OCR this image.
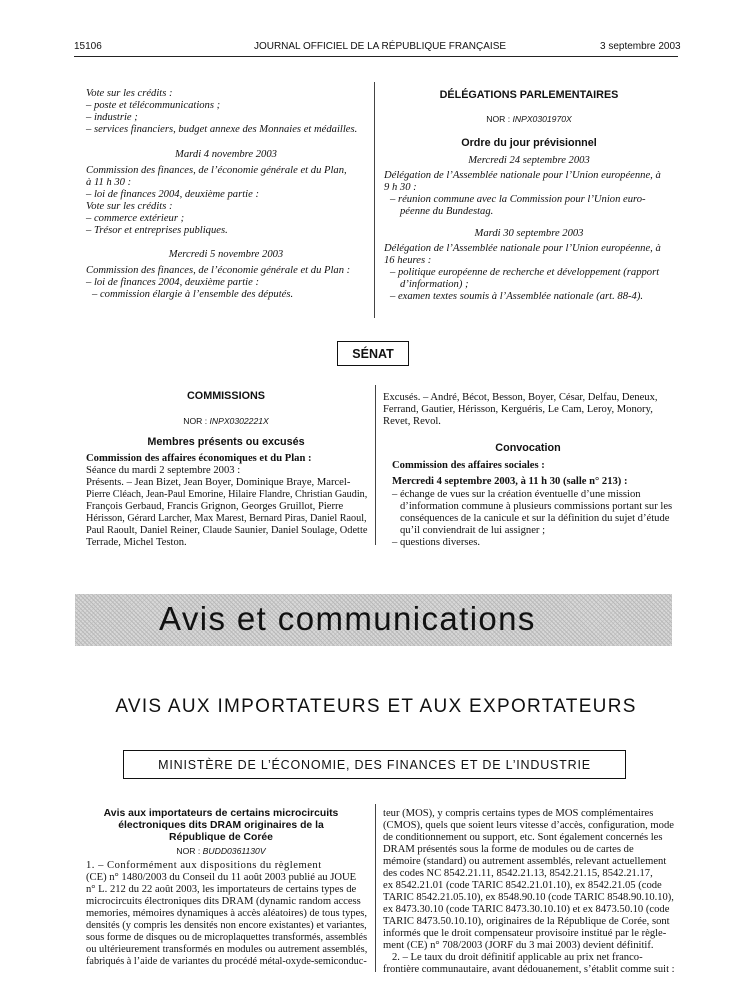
15106	JOURNAL OFFICIEL DE LA RÉPUBLIQUE FRANÇAISE	3 septembre 2003
Vote sur les crédits :
– poste et télécommunications ;
– industrie ;
– services financiers, budget annexe des Monnaies et médailles.
Mardi 4 novembre 2003
Commission des finances, de l’économie générale et du Plan,
à 11 h 30 :
– loi de finances 2004, deuxième partie :
Vote sur les crédits :
– commerce extérieur ;
– Trésor et entreprises publiques.
Mercredi 5 novembre 2003
Commission des finances, de l’économie générale et du Plan :
– loi de finances 2004, deuxième partie :
– commission élargie à l’ensemble des députés.
DÉLÉGATIONS PARLEMENTAIRES
NOR : INPX0301970X
Ordre du jour prévisionnel
Mercredi 24 septembre 2003
Délégation de l’Assemblée nationale pour l’Union européenne, à
9 h 30 :
– réunion commune avec la Commission pour l’Union euro-
péenne du Bundestag.
Mardi 30 septembre 2003
Délégation de l’Assemblée nationale pour l’Union européenne, à
16 heures :
– politique européenne de recherche et développement (rapport
d’information) ;
– examen textes soumis à l’Assemblée nationale (art. 88-4).
SÉNAT
COMMISSIONS
NOR : INPX0302221X
Membres présents ou excusés
Commission des affaires économiques et du Plan :
Séance du mardi 2 septembre 2003 :
Présents. – Jean Bizet, Jean Boyer, Dominique Braye, Marcel-
Pierre Cléach, Jean-Paul Emorine, Hilaire Flandre, Christian Gaudin,
François Gerbaud, Francis Grignon, Georges Gruillot, Pierre
Hérisson, Gérard Larcher, Max Marest, Bernard Piras, Daniel Raoul,
Paul Raoult, Daniel Reiner, Claude Saunier, Daniel Soulage, Odette
Terrade, Michel Teston.
Excusés. – André, Bécot, Besson, Boyer, César, Delfau, Deneux,
Ferrand, Gautier, Hérisson, Kerguéris, Le Cam, Leroy, Monory,
Revet, Revol.
Convocation
Commission des affaires sociales :
Mercredi 4 septembre 2003, à 11 h 30 (salle n° 213) :
– échange de vues sur la création éventuelle d’une mission
d’information commune à plusieurs commissions portant sur les
conséquences de la canicule et sur la définition du sujet d’étude
qu’il conviendrait de lui assigner ;
– questions diverses.
Avis et communications
AVIS AUX IMPORTATEURS ET AUX EXPORTATEURS
MINISTÈRE DE L’ÉCONOMIE, DES FINANCES ET DE L’INDUSTRIE
Avis aux importateurs de certains microcircuits
électroniques dits DRAM originaires de la
République de Corée
NOR : BUDD0361130V
1. – Conformément aux dispositions du règlement
(CE) n° 1480/2003 du Conseil du 11 août 2003 publié au JOUE
n° L. 212 du 22 août 2003, les importateurs de certains types de
microcircuits électroniques dits DRAM (dynamic random access
memories, mémoires dynamiques à accès aléatoires) de tous types,
densités (y compris les densités non encore existantes) et variantes,
sous forme de disques ou de microplaquettes transformés, assemblés
ou ultérieurement transformés en modules ou autrement assemblés,
fabriqués à l’aide de variantes du procédé métal-oxyde-semiconduc-
teur (MOS), y compris certains types de MOS complémentaires
(CMOS), quels que soient leurs vitesse d’accès, configuration, mode
de conditionnement ou support, etc. Sont également concernés les
DRAM présentés sous la forme de modules ou de cartes de
mémoire (standard) ou autrement assemblés, relevant actuellement
des codes NC 8542.21.11, 8542.21.13, 8542.21.15, 8542.21.17,
ex 8542.21.01 (code TARIC 8542.21.01.10), ex 8542.21.05 (code
TARIC 8542.21.05.10), ex 8548.90.10 (code TARIC 8548.90.10.10),
ex 8473.30.10 (code TARIC 8473.30.10.10) et ex 8473.50.10 (code
TARIC 8473.50.10.10), originaires de la République de Corée, sont
informés que le droit compensateur provisoire institué par le règle-
ment (CE) n° 708/2003 (JORF du 3 mai 2003) devient définitif.
2. – Le taux du droit définitif applicable au prix net franco-
frontière communautaire, avant dédouanement, s’établit comme suit :
